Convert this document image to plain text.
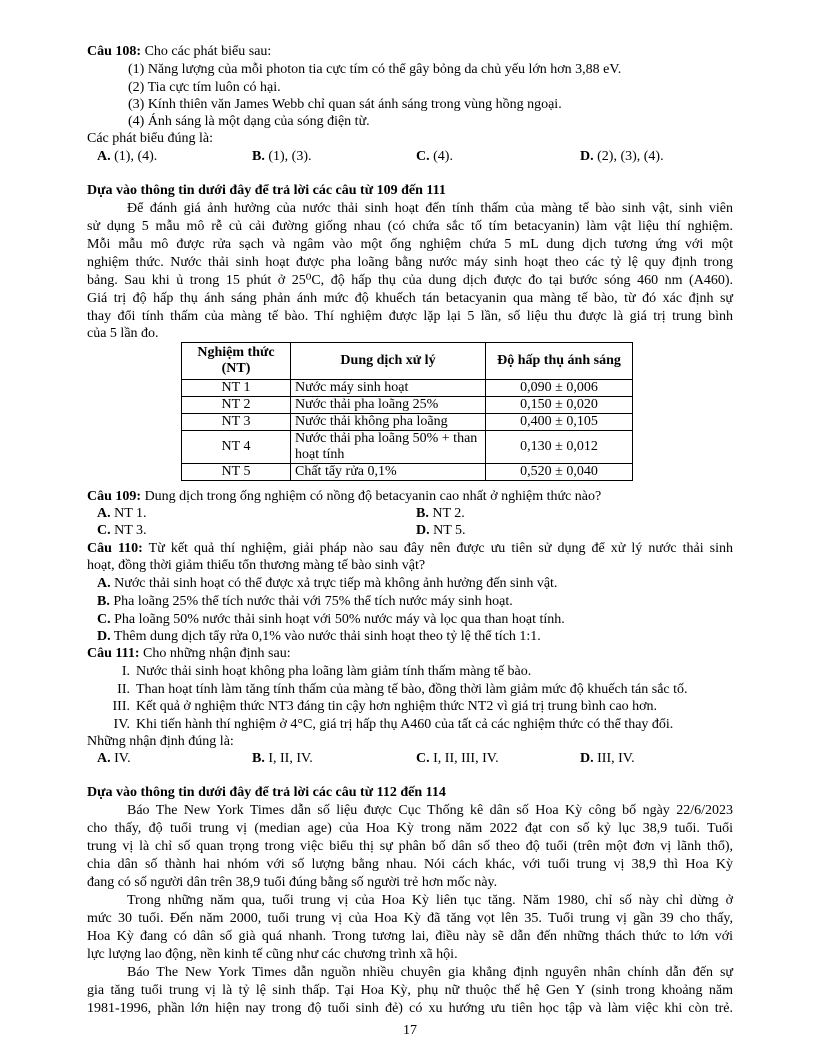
Câu 108: Cho các phát biểu sau:
(1) Năng lượng của mỗi photon tia cực tím có thể gây bỏng da chủ yếu lớn hơn 3,88 eV.
(2) Tia cực tím luôn có hại.
(3) Kính thiên văn James Webb chỉ quan sát ánh sáng trong vùng hồng ngoại.
(4) Ánh sáng là một dạng của sóng điện từ.
Các phát biểu đúng là:
A. (1), (4).	B. (1), (3).	C. (4).	D. (2), (3), (4).
Dựa vào thông tin dưới đây để trả lời các câu từ 109 đến 111
Để đánh giá ảnh hưởng của nước thải sinh hoạt đến tính thấm của màng tế bào sinh vật, sinh viên
sử dụng 5 mẫu mô rễ củ cải đường giống nhau (có chứa sắc tố tím betacyanin) làm vật liệu thí nghiệm.
Mỗi mẫu mô được rửa sạch và ngâm vào một ống nghiệm chứa 5 mL dung dịch tương ứng với một
nghiệm thức. Nước thải sinh hoạt được pha loãng bằng nước máy sinh hoạt theo các tỷ lệ quy định trong
bảng. Sau khi ủ trong 15 phút ở 25⁰C, độ hấp thụ của dung dịch được đo tại bước sóng 460 nm (A460).
Giá trị độ hấp thụ ánh sáng phản ánh mức độ khuếch tán betacyanin qua màng tế bào, từ đó xác định sự
thay đổi tính thấm của màng tế bào. Thí nghiệm được lặp lại 5 lần, số liệu thu được là giá trị trung bình
của 5 lần đo.
Nghiệm thức (NT)	Dung dịch xử lý	Độ hấp thụ ánh sáng
NT 1	Nước máy sinh hoạt	0,090 ± 0,006
NT 2	Nước thải pha loãng 25%	0,150 ± 0,020
NT 3	Nước thải không pha loãng	0,400 ± 0,105
NT 4	Nước thải pha loãng 50% + than hoạt tính	0,130 ± 0,012
NT 5	Chất tẩy rửa 0,1%	0,520 ± 0,040
Câu 109: Dung dịch trong ống nghiệm có nồng độ betacyanin cao nhất ở nghiệm thức nào?
A. NT 1.	B. NT 2.
C. NT 3.	D. NT 5.
Câu 110: Từ kết quả thí nghiệm, giải pháp nào sau đây nên được ưu tiên sử dụng để xử lý nước thải sinh
hoạt, đồng thời giảm thiểu tổn thương màng tế bào sinh vật?
A. Nước thải sinh hoạt có thể được xả trực tiếp mà không ảnh hưởng đến sinh vật.
B. Pha loãng 25% thể tích nước thải với 75% thể tích nước máy sinh hoạt.
C. Pha loãng 50% nước thải sinh hoạt với 50% nước máy và lọc qua than hoạt tính.
D. Thêm dung dịch tẩy rửa 0,1% vào nước thải sinh hoạt theo tỷ lệ thể tích 1:1.
Câu 111: Cho những nhận định sau:
I. Nước thải sinh hoạt không pha loãng làm giảm tính thấm màng tế bào.
II. Than hoạt tính làm tăng tính thấm của màng tế bào, đồng thời làm giảm mức độ khuếch tán sắc tố.
III. Kết quả ở nghiệm thức NT3 đáng tin cậy hơn nghiệm thức NT2 vì giá trị trung bình cao hơn.
IV. Khi tiến hành thí nghiệm ở 4°C, giá trị hấp thụ A460 của tất cả các nghiệm thức có thể thay đổi.
Những nhận định đúng là:
A. IV.	B. I, II, IV.	C. I, II, III, IV.	D. III, IV.
Dựa vào thông tin dưới đây để trả lời các câu từ 112 đến 114
Báo The New York Times dẫn số liệu được Cục Thống kê dân số Hoa Kỳ công bố ngày 22/6/2023
cho thấy, độ tuổi trung vị (median age) của Hoa Kỳ trong năm 2022 đạt con số kỷ lục 38,9 tuổi. Tuổi
trung vị là chỉ số quan trọng trong việc biểu thị sự phân bố dân số theo độ tuổi (trên một đơn vị lãnh thổ),
chia dân số thành hai nhóm với số lượng bằng nhau. Nói cách khác, với tuổi trung vị 38,9 thì Hoa Kỳ
đang có số người dân trên 38,9 tuổi đúng bằng số người trẻ hơn mốc này.
Trong những năm qua, tuổi trung vị của Hoa Kỳ liên tục tăng. Năm 1980, chỉ số này chỉ dừng ở
mức 30 tuổi. Đến năm 2000, tuổi trung vị của Hoa Kỳ đã tăng vọt lên 35. Tuổi trung vị gần 39 cho thấy,
Hoa Kỳ đang có dân số già quá nhanh. Trong tương lai, điều này sẽ dẫn đến những thách thức to lớn với
lực lượng lao động, nền kinh tế cũng như các chương trình xã hội.
Báo The New York Times dẫn nguồn nhiều chuyên gia khẳng định nguyên nhân chính dẫn đến sự
gia tăng tuổi trung vị là tỷ lệ sinh thấp. Tại Hoa Kỳ, phụ nữ thuộc thế hệ Gen Y (sinh trong khoảng năm
1981-1996, phần lớn hiện nay trong độ tuổi sinh đẻ) có xu hướng ưu tiên học tập và làm việc khi còn trẻ.
17
